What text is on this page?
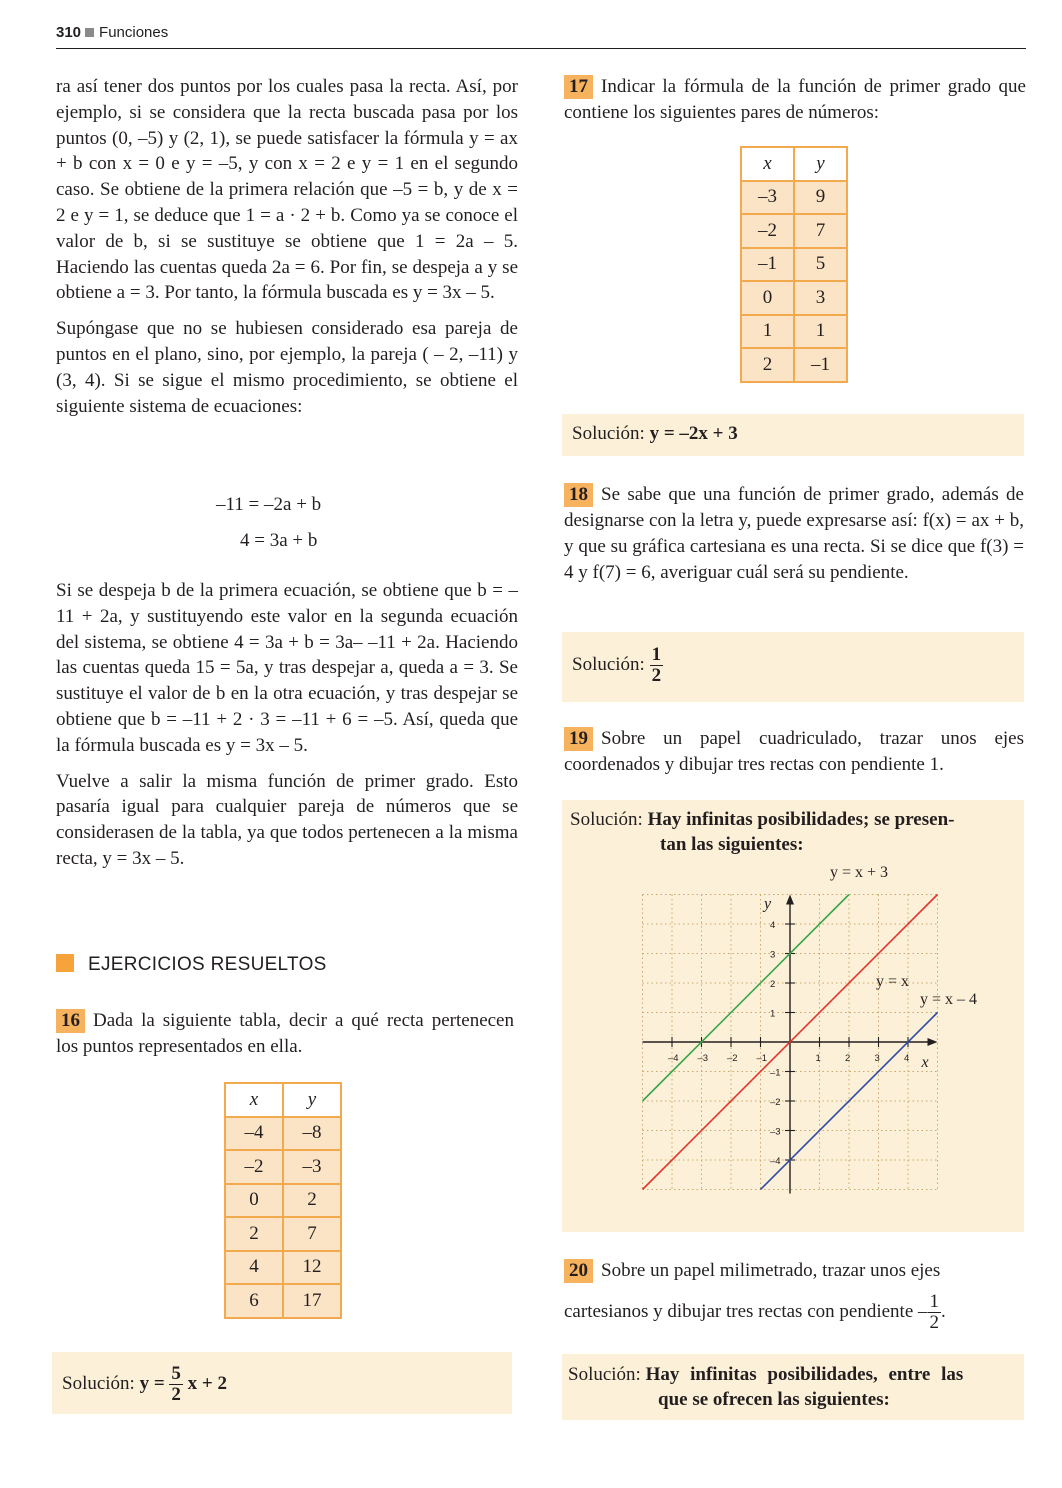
310 Funciones

ra así tener dos puntos por los cuales pasa la recta. Así, por ejemplo, si se considera que la recta buscada pasa por los puntos (0, –5) y (2, 1), se puede satisfacer la fórmula y = ax + b con x = 0 e y = –5, y con x = 2 e y = 1 en el segundo caso. Se obtiene de la primera relación que –5 = b, y de x = 2 e y = 1, se deduce que 1 = a · 2 + b. Como ya se conoce el valor de b, si se sustituye se obtiene que 1 = 2a – 5. Haciendo las cuentas queda 2a = 6. Por fin, se despeja a y se obtiene a = 3. Por tanto, la fórmula buscada es y = 3x – 5.

Supóngase que no se hubiesen considerado esa pareja de puntos en el plano, sino, por ejemplo, la pareja ( – 2, –11) y (3, 4). Si se sigue el mismo procedimiento, se obtiene el siguiente sistema de ecuaciones:

–11 = –2a + b
4 = 3a + b

Si se despeja b de la primera ecuación, se obtiene que b = –11 + 2a, y sustituyendo este valor en la segunda ecuación del sistema, se obtiene 4 = 3a + b = 3a– –11 + 2a. Haciendo las cuentas queda 15 = 5a, y tras despejar a, queda a = 3. Se sustituye el valor de b en la otra ecuación, y tras despejar se obtiene que b = –11 + 2 · 3 = –11 + 6 = –5. Así, queda que la fórmula buscada es y = 3x – 5.

Vuelve a salir la misma función de primer grado. Esto pasaría igual para cualquier pareja de números que se considerasen de la tabla, ya que todos pertenecen a la misma recta, y = 3x – 5.

EJERCICIOS RESUELTOS
16 Dada la siguiente tabla, decir a qué recta pertenecen los puntos representados en ella.
x	y
–4	–8
–2	–3
0	2
2	7
4	12
6	17
Solución: $y = \frac{5}{2}$ x + 2
17 Indicar la fórmula de la función de primer grado que contiene los siguientes pares de números:
x	y
–3	9
–2	7
–1	5
0	3
1	1
2	–1
Solución: y = –2x + 3
18 Se sabe que una función de primer grado, además de designarse con la letra y, puede expresarse así: f(x) = ax + b, y que su gráfica cartesiana es una recta. Si se dice que f(3) = 4 y f(7) = 6, averiguar cuál será su pendiente.
Solución: $\frac{1}{2}$
19 Sobre un papel cuadriculado, trazar unos ejes coordenados y dibujar tres rectas con pendiente 1.
Solución: Hay infinitas posibilidades; se presen-
tan las siguientes:
–4 –3 –2 –1	1	2	3	4
4
3
2
1
–1
–2
–3
–4
x
y
y = x + 3
y = x
y = x – 4
20 Sobre un papel milimetrado, trazar unos ejes
cartesianos y dibujar tres rectas con pendiente – $\frac{1}{2}$ .
Solución: Hay infinitas posibilidades, entre las
que se ofrecen las siguientes:
